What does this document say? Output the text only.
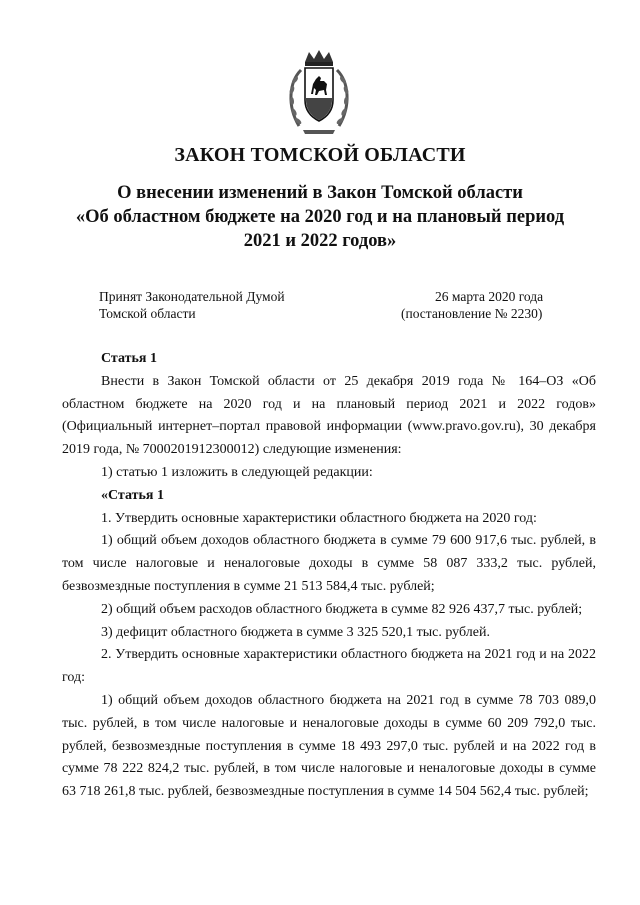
ЗАКОН ТОМСКОЙ ОБЛАСТИ
О внесении изменений в Закон Томской области
«Об областном бюджете на 2020 год и на плановый период
2021 и 2022 годов»
Принят Законодательной Думой
Томской области
26 марта 2020 года
(постановление № 2230)

Статья 1

Внести в Закон Томской области от 25 декабря 2019 года № 164–ОЗ «Об областном бюджете на 2020 год и на плановый период 2021 и 2022 годов» (Официальный интернет–портал правовой информации (www.pravo.gov.ru), 30 декабря 2019 года, № 7000201912300012) следующие изменения:

1) статью 1 изложить в следующей редакции:

«Статья 1

1. Утвердить основные характеристики областного бюджета на 2020 год:

1) общий объем доходов областного бюджета в сумме 79 600 917,6 тыс. рублей, в том числе налоговые и неналоговые доходы в сумме 58 087 333,2 тыс. рублей, безвозмездные поступления в сумме 21 513 584,4 тыс. рублей;

2) общий объем расходов областного бюджета в сумме 82 926 437,7 тыс. рублей;

3) дефицит областного бюджета в сумме 3 325 520,1 тыс. рублей.

2. Утвердить основные характеристики областного бюджета на 2021 год и на 2022 год:

1) общий объем доходов областного бюджета на 2021 год в сумме 78 703 089,0 тыс. рублей, в том числе налоговые и неналоговые доходы в сумме 60 209 792,0 тыс. рублей, безвозмездные поступления в сумме 18 493 297,0 тыс. рублей и на 2022 год в сумме 78 222 824,2 тыс. рублей, в том числе налоговые и неналоговые доходы в сумме 63 718 261,8 тыс. рублей, безвозмездные поступления в сумме 14 504 562,4 тыс. рублей;
